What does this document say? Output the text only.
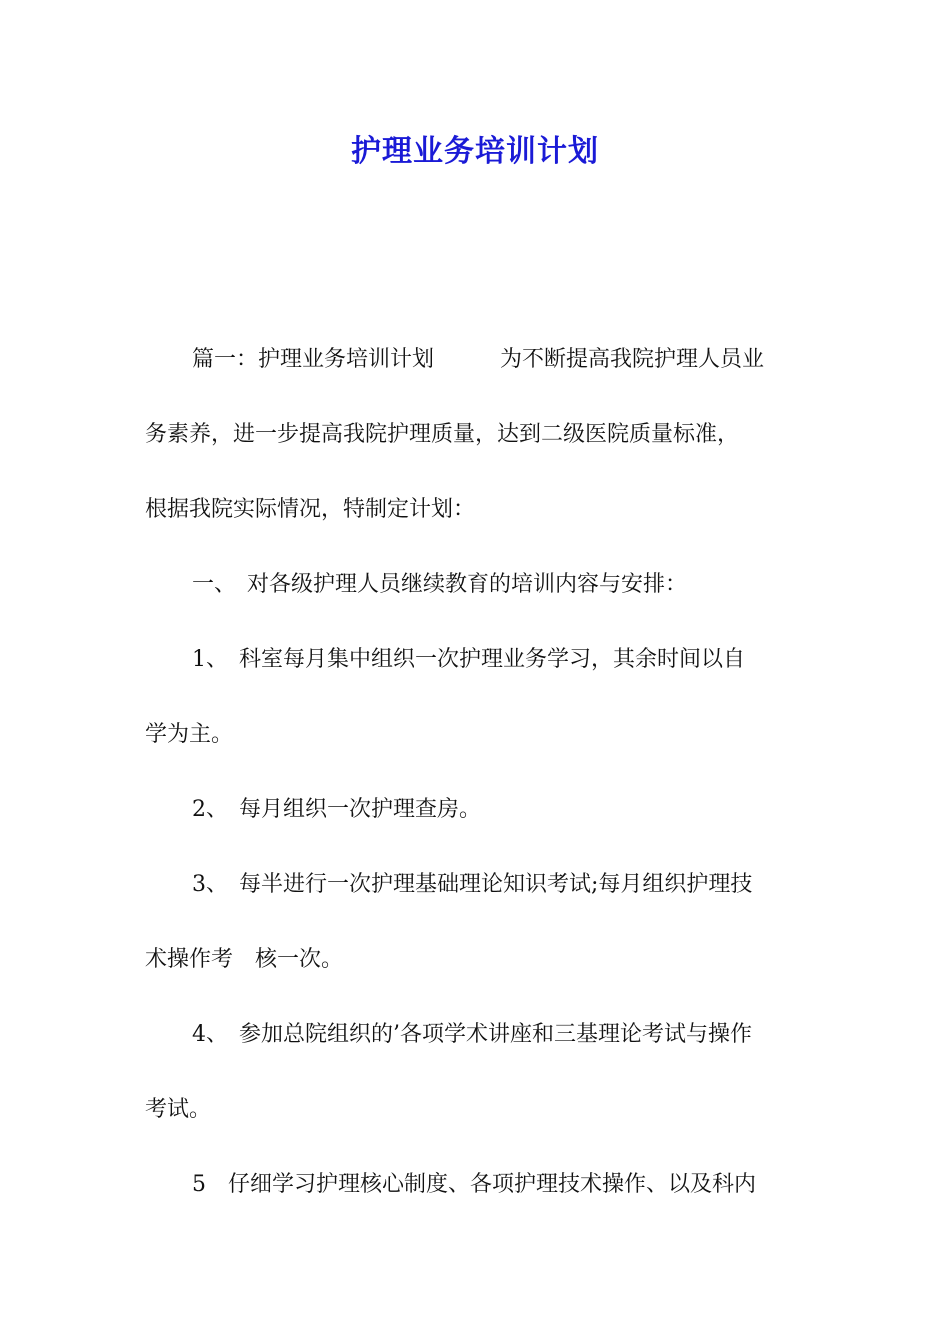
护理业务培训计划
篇一：护理业务培训计划　　　为不断提高我院护理人员业
务素养，进一步提高我院护理质量，达到二级医院质量标准，
根据我院实际情况，特制定计划：
一、　对各级护理人员继续教育的培训内容与安排：
1、　科室每月集中组织一次护理业务学习，其余时间以自
学为主。
2、　每月组织一次护理查房。
3、　每半进行一次护理基础理论知识考试;每月组织护理技
术操作考　核一次。
4、　参加总院组织的’各项学术讲座和三基理论考试与操作
考试。
5　仔细学习护理核心制度、各项护理技术操作、以及科内
